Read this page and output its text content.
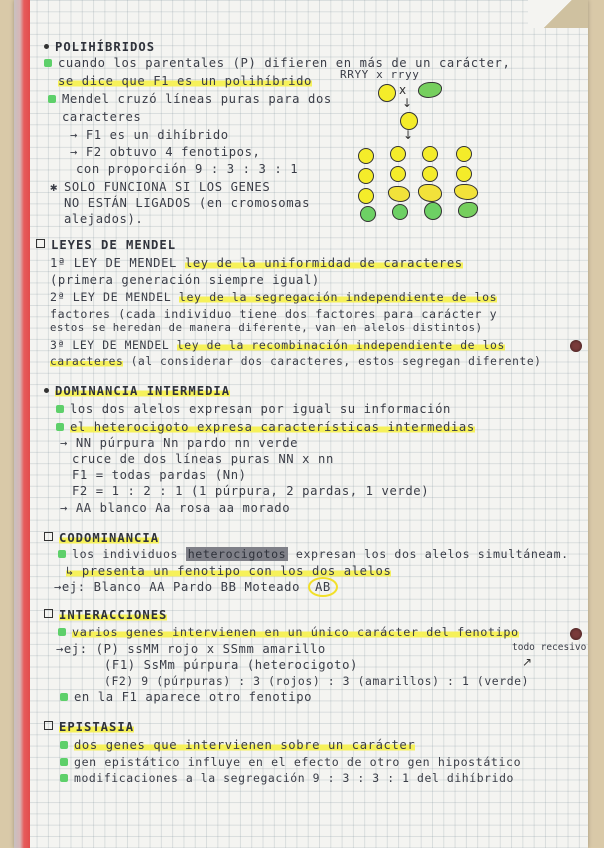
POLIHÍBRIDOS
cuando los parentales (P) difieren en más de un carácter,
se dice que F1 es un polihíbrido	RRYY x rryy
Mendel cruzó líneas puras para dos
caracteres
→ F1 es un dihíbrido
→ F2 obtuvo 4 fenotipos,
con proporción 9 : 3 : 3 : 1
✱ SOLO FUNCIONA SI LOS GENES
NO ESTÁN LIGADOS (en cromosomas
alejados).
x
↓
↓
LEYES DE MENDEL
1ª LEY DE MENDEL ley de la uniformidad de caracteres
(primera generación siempre igual)
2ª LEY DE MENDEL ley de la segregación independiente de los
factores (cada individuo tiene dos factores para carácter y
estos se heredan de manera diferente, van en alelos distintos)
3ª LEY DE MENDEL ley de la recombinación independiente de los
caracteres (al considerar dos caracteres, estos segregan diferente)
DOMINANCIA INTERMEDIA
los dos alelos expresan por igual su información
el heterocigoto expresa características intermedias
→ NN púrpura Nn pardo nn verde
cruce de dos líneas puras NN x nn
F1 = todas pardas (Nn)
F2 = 1 : 2 : 1 (1 púrpura, 2 pardas, 1 verde)
→ AA blanco Aa rosa aa morado
CODOMINANCIA
los individuos heterocigotos expresan los dos alelos simultáneam.
↳ presenta un fenotipo con los dos alelos
→ej: Blanco AA Pardo BB Moteado AB
INTERACCIONES
varios genes intervienen en un único carácter del fenotipo
→ej: (P) ssMM rojo x SSmm amarillo	todo recesivo
↗
(F1) SsMm púrpura (heterocigoto)
(F2) 9 (púrpuras) : 3 (rojos) : 3 (amarillos) : 1 (verde)
en la F1 aparece otro fenotipo
EPISTASIA
dos genes que intervienen sobre un carácter
gen epistático influye en el efecto de otro gen hipostático
modificaciones a la segregación 9 : 3 : 3 : 1 del dihíbrido
